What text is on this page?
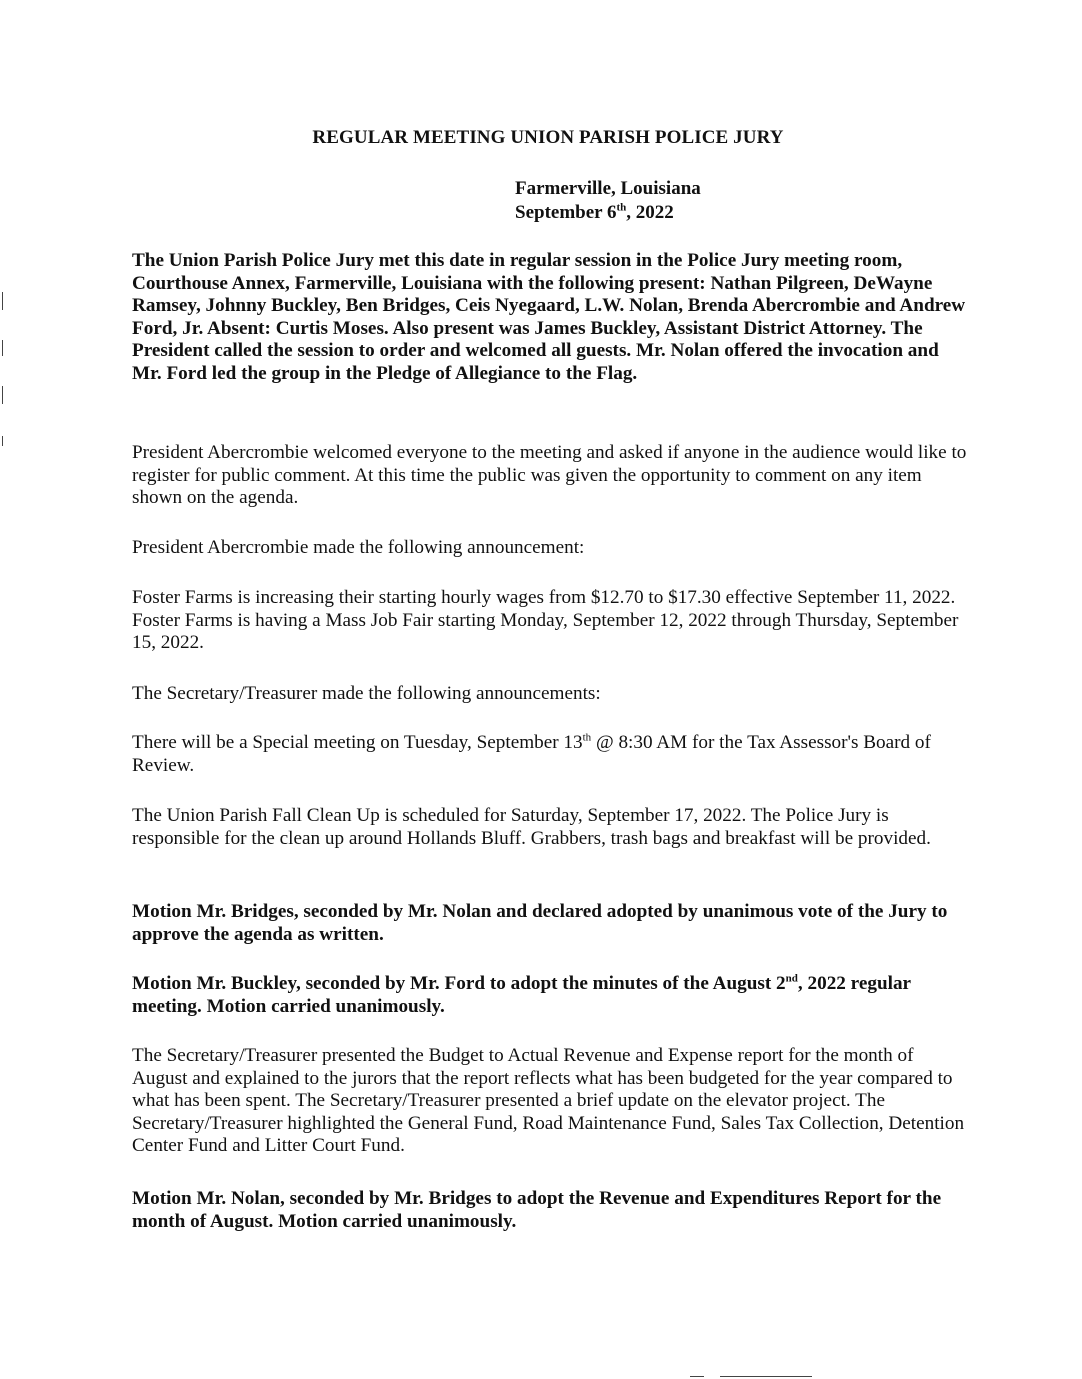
REGULAR MEETING UNION PARISH POLICE JURY
Farmerville, Louisiana
September 6th, 2022

The Union Parish Police Jury met this date in regular session in the Police Jury meeting room, Courthouse Annex, Farmerville, Louisiana with the following present: Nathan Pilgreen, DeWayne Ramsey, Johnny Buckley, Ben Bridges, Ceis Nyegaard, L.W. Nolan, Brenda Abercrombie and Andrew Ford, Jr. Absent: Curtis Moses. Also present was James Buckley, Assistant District Attorney. The President called the session to order and welcomed all guests. Mr. Nolan offered the invocation and Mr. Ford led the group in the Pledge of Allegiance to the Flag.

President Abercrombie welcomed everyone to the meeting and asked if anyone in the audience would like to register for public comment. At this time the public was given the opportunity to comment on any item shown on the agenda.

President Abercrombie made the following announcement:

Foster Farms is increasing their starting hourly wages from $12.70 to $17.30 effective September 11, 2022. Foster Farms is having a Mass Job Fair starting Monday, September 12, 2022 through Thursday, September 15, 2022.

The Secretary/Treasurer made the following announcements:

There will be a Special meeting on Tuesday, September 13th @ 8:30 AM for the Tax Assessor's Board of Review.

The Union Parish Fall Clean Up is scheduled for Saturday, September 17, 2022. The Police Jury is responsible for the clean up around Hollands Bluff. Grabbers, trash bags and breakfast will be provided.

Motion Mr. Bridges, seconded by Mr. Nolan and declared adopted by unanimous vote of the Jury to approve the agenda as written.

Motion Mr. Buckley, seconded by Mr. Ford to adopt the minutes of the August 2nd, 2022 regular meeting. Motion carried unanimously.

The Secretary/Treasurer presented the Budget to Actual Revenue and Expense report for the month of August and explained to the jurors that the report reflects what has been budgeted for the year compared to what has been spent. The Secretary/Treasurer presented a brief update on the elevator project. The Secretary/Treasurer highlighted the General Fund, Road Maintenance Fund, Sales Tax Collection, Detention Center Fund and Litter Court Fund.

Motion Mr. Nolan, seconded by Mr. Bridges to adopt the Revenue and Expenditures Report for the month of August. Motion carried unanimously.
